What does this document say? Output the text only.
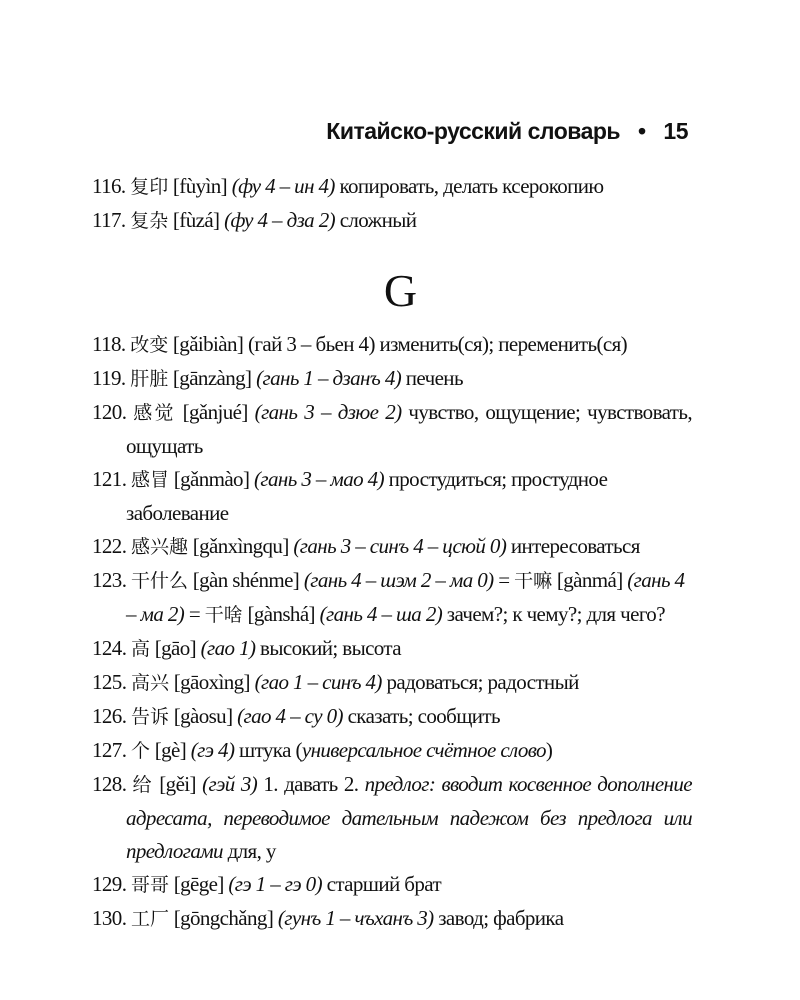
Китайско-русский словарь • 15
116. 复印 [fùyìn] (фу 4 – ин 4) копировать, делать ксерокопию
117. 复杂 [fùzá] (фу 4 – дза 2) сложный
G
118. 改变 [gǎibiàn] (гай 3 – бьен 4) изменить(ся); переменить(ся)
119. 肝脏 [gānzàng] (гань 1 – дзанъ 4) печень
120. 感觉 [gǎnjué] (гань 3 – дзюе 2) чувство, ощущение; чувствовать, ощущать
121. 感冒 [gǎnmào] (гань 3 – мао 4) простудиться; простудное заболевание
122. 感兴趣 [gǎnxìngqu] (гань 3 – синъ 4 – цсюй 0) интересоваться
123. 干什么 [gàn shénme] (гань 4 – шэм 2 – ма 0) = 干嘛 [gànmá] (гань 4 – ма 2) = 干啥 [gànshá] (гань 4 – ша 2) зачем?; к чему?; для чего?
124. 高 [gāo] (гао 1) высокий; высота
125. 高兴 [gāoxìng] (гао 1 – синъ 4) радоваться; радостный
126. 告诉 [gàosu] (гао 4 – су 0) сказать; сообщить
127. 个 [gè] (гэ 4) штука (универсальное счётное слово)
128. 给 [gěi] (гэй 3) 1. давать 2. предлог: вводит косвенное дополнение адресата, переводимое дательным падежом без предлога или предлогами для, у
129. 哥哥 [gēge] (гэ 1 – гэ 0) старший брат
130. 工厂 [gōngchǎng] (гунъ 1 – чъханъ 3) завод; фабрика
